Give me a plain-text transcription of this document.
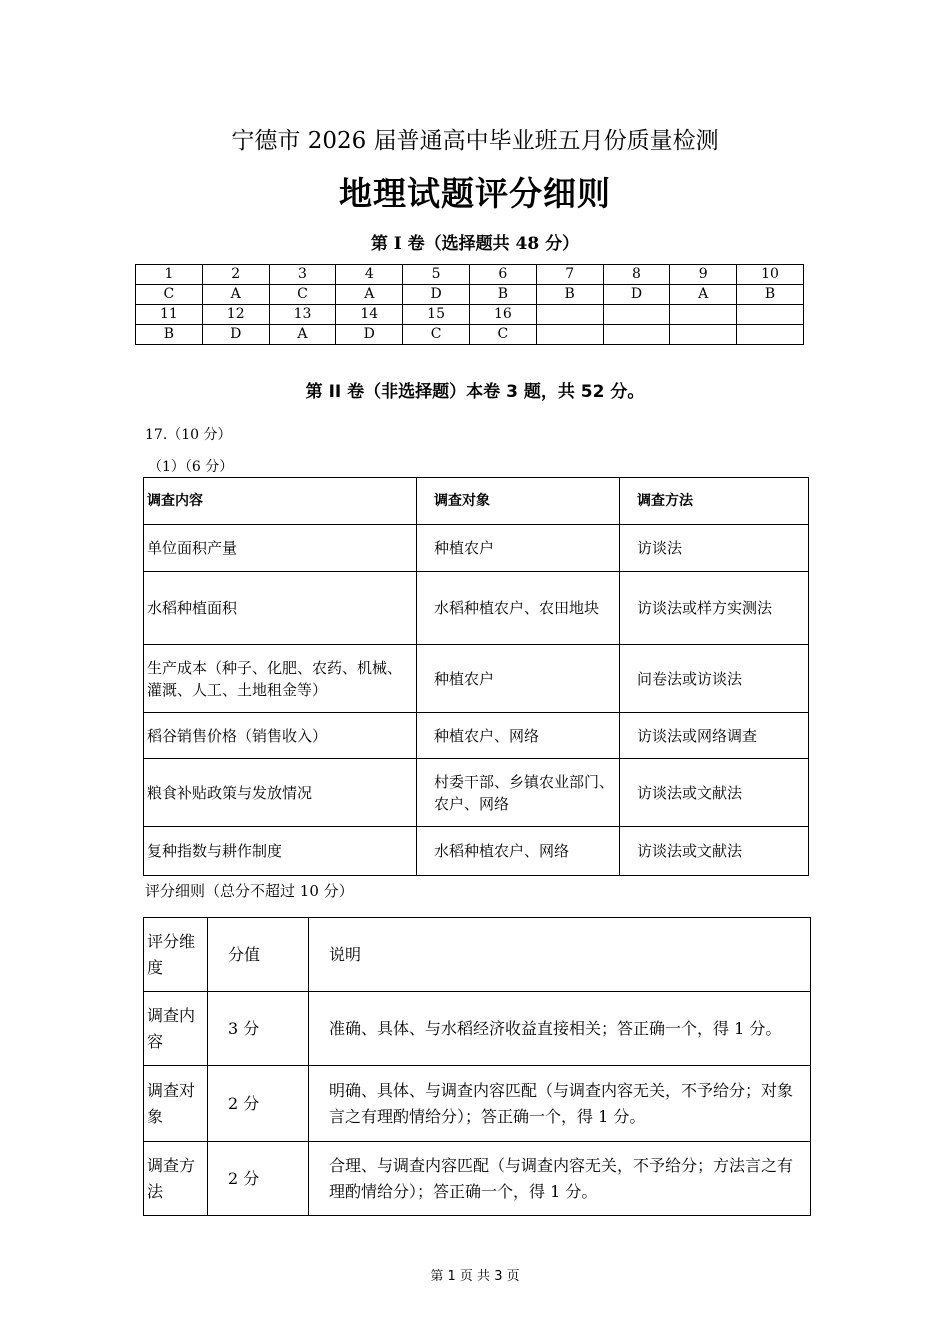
宁德市 2026 届普通高中毕业班五月份质量检测
地理试题评分细则
第 I 卷（选择题共 48 分）
1	2	3	4	5	6	7	8	9	10
C	A	C	A	D	B	B	D	A	B
11	12	13	14	15	16				
B	D	A	D	C	C				
第 II 卷（非选择题）本卷 3 题，共 52 分。
17.（10 分）
（1）（6 分）
调查内容	调查对象	调查方法
单位面积产量	种植农户	访谈法
水稻种植面积	水稻种植农户、农田地块	访谈法或样方实测法
生产成本（种子、化肥、农药、机械、灌溉、人工、土地租金等）	种植农户	问卷法或访谈法
稻谷销售价格（销售收入）	种植农户、网络	访谈法或网络调查
粮食补贴政策与发放情况	村委干部、乡镇农业部门、农户、网络	访谈法或文献法
复种指数与耕作制度	水稻种植农户、网络	访谈法或文献法
评分细则（总分不超过 10 分）
评分维度	分值	说明
调查内容	3 分	准确、具体、与水稻经济收益直接相关；答正确一个，得 1 分。
调查对象	2 分	明确、具体、与调查内容匹配（与调查内容无关，不予给分；对象言之有理酌情给分）；答正确一个，得 1 分。
调查方法	2 分	合理、与调查内容匹配（与调查内容无关，不予给分；方法言之有理酌情给分）；答正确一个，得 1 分。
第 1 页 共 3 页
